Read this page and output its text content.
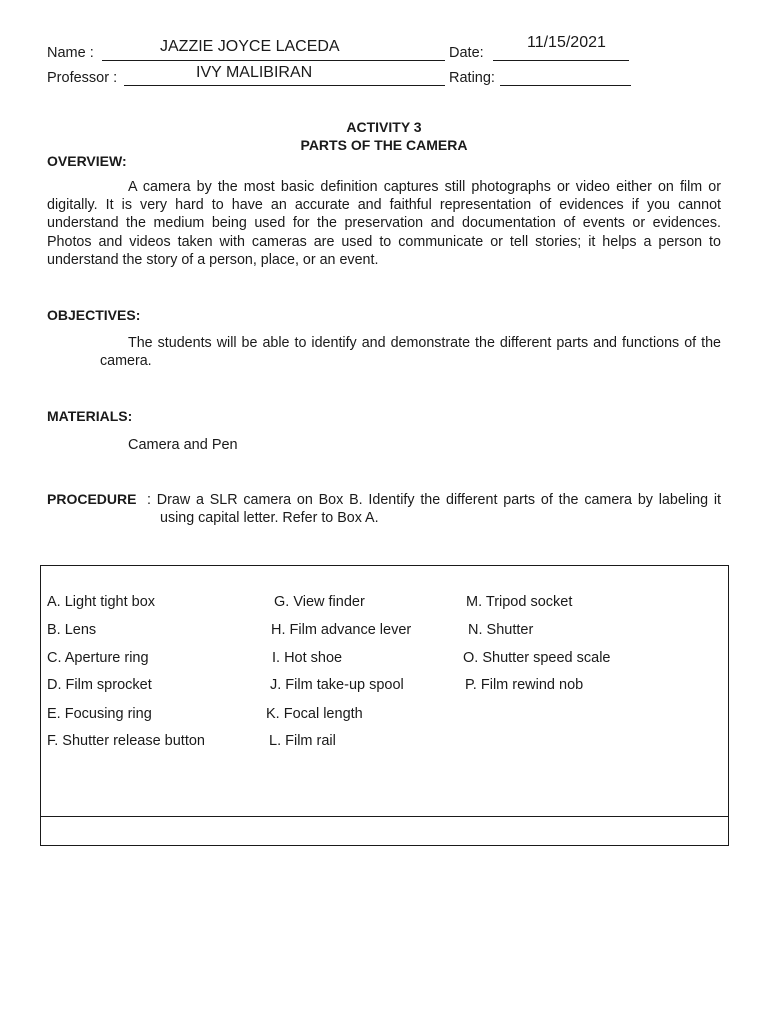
Name :	JAZZIE JOYCE LACEDA	Date:
11/15/2021
Professor :	IVY MALIBIRAN	Rating:
ACTIVITY 3
PARTS OF THE CAMERA
OVERVIEW:

A camera by the most basic definition captures still photographs or video either on film or digitally. It is very hard to have an accurate and faithful representation of evidences if you cannot understand the medium being used for the preservation and documentation of events or evidences. Photos and videos taken with cameras are used to communicate or tell stories; it helps a person to understand the story of a person, place, or an event.

OBJECTIVES:

The students will be able to identify and demonstrate the different parts and functions of the camera.

MATERIALS:
Camera and Pen
PROCEDURE : Draw a SLR camera on Box B. Identify the different parts of the camera by labeling it using capital letter. Refer to Box A.

A. Light tight box
B. Lens
C. Aperture ring
D. Film sprocket
E. Focusing ring
F. Shutter release button
G. View finder
H. Film advance lever
I. Hot shoe
J. Film take-up spool
K. Focal length
L. Film rail
M. Tripod socket
N. Shutter
O. Shutter speed scale
P. Film rewind nob
